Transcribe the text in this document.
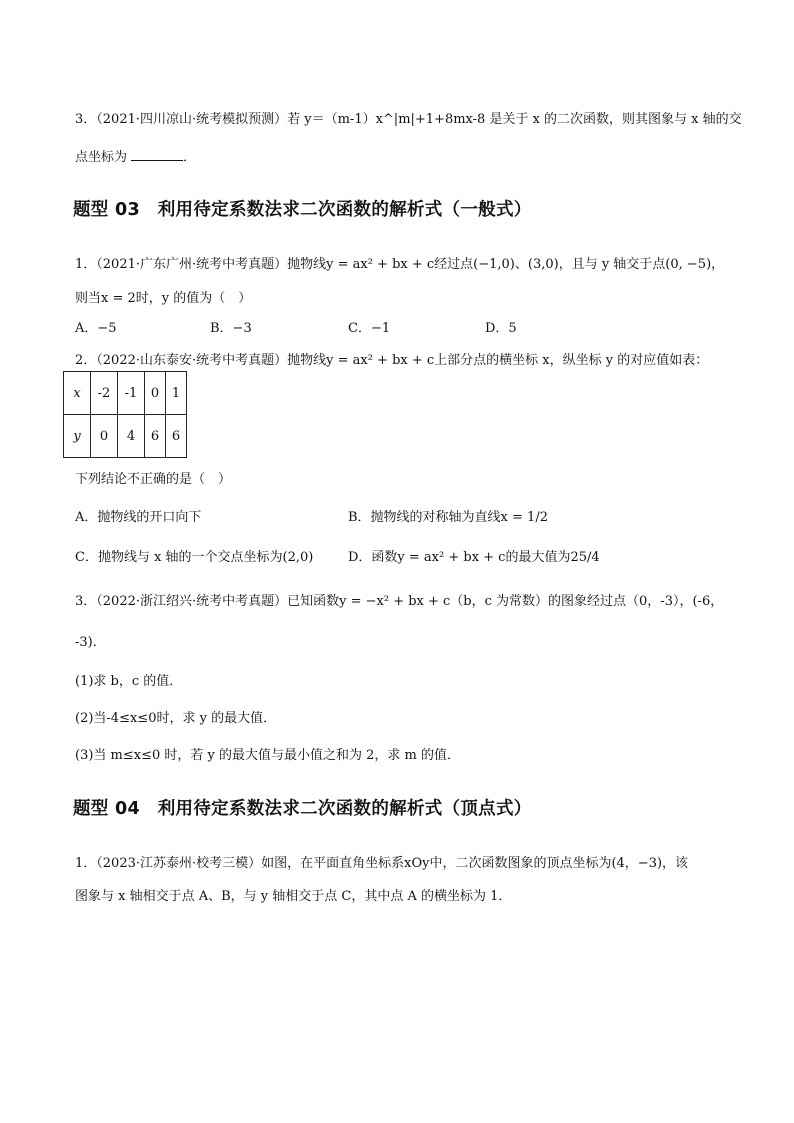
3．（2021·四川凉山·统考模拟预测）若 y＝（m-1）x^|m|+1+8mx-8 是关于 x 的二次函数，则其图象与 x 轴的交
点坐标为	．
题型 03　利用待定系数法求二次函数的解析式（一般式）
1．（2021·广东广州·统考中考真题）抛物线y = ax² + bx + c经过点(−1,0)、(3,0)，且与 y 轴交于点(0, −5)，
则当x = 2时，y 的值为（　）
A．−5	B．−3	C．−1	D．5
2．（2022·山东泰安·统考中考真题）抛物线y = ax² + bx + c上部分点的横坐标 x，纵坐标 y 的对应值如表：
x	-2	-1	0	1
y	0	4	6	6
下列结论不正确的是（　）
A．抛物线的开口向下	B．抛物线的对称轴为直线x = 1/2
C．抛物线与 x 轴的一个交点坐标为(2,0)	D．函数y = ax² + bx + c的最大值为25/4
3．（2022·浙江绍兴·统考中考真题）已知函数y = −x² + bx + c（b，c 为常数）的图象经过点（0，-3），(-6，
-3)．
(1)求 b，c 的值．
(2)当-4≤x≤0时，求 y 的最大值．
(3)当 m≤x≤0 时，若 y 的最大值与最小值之和为 2，求 m 的值．
题型 04　利用待定系数法求二次函数的解析式（顶点式）
1．（2023·江苏泰州·校考三模）如图，在平面直角坐标系xOy中，二次函数图象的顶点坐标为(4，−3)，该
图象与 x 轴相交于点 A、B，与 y 轴相交于点 C，其中点 A 的横坐标为 1．
